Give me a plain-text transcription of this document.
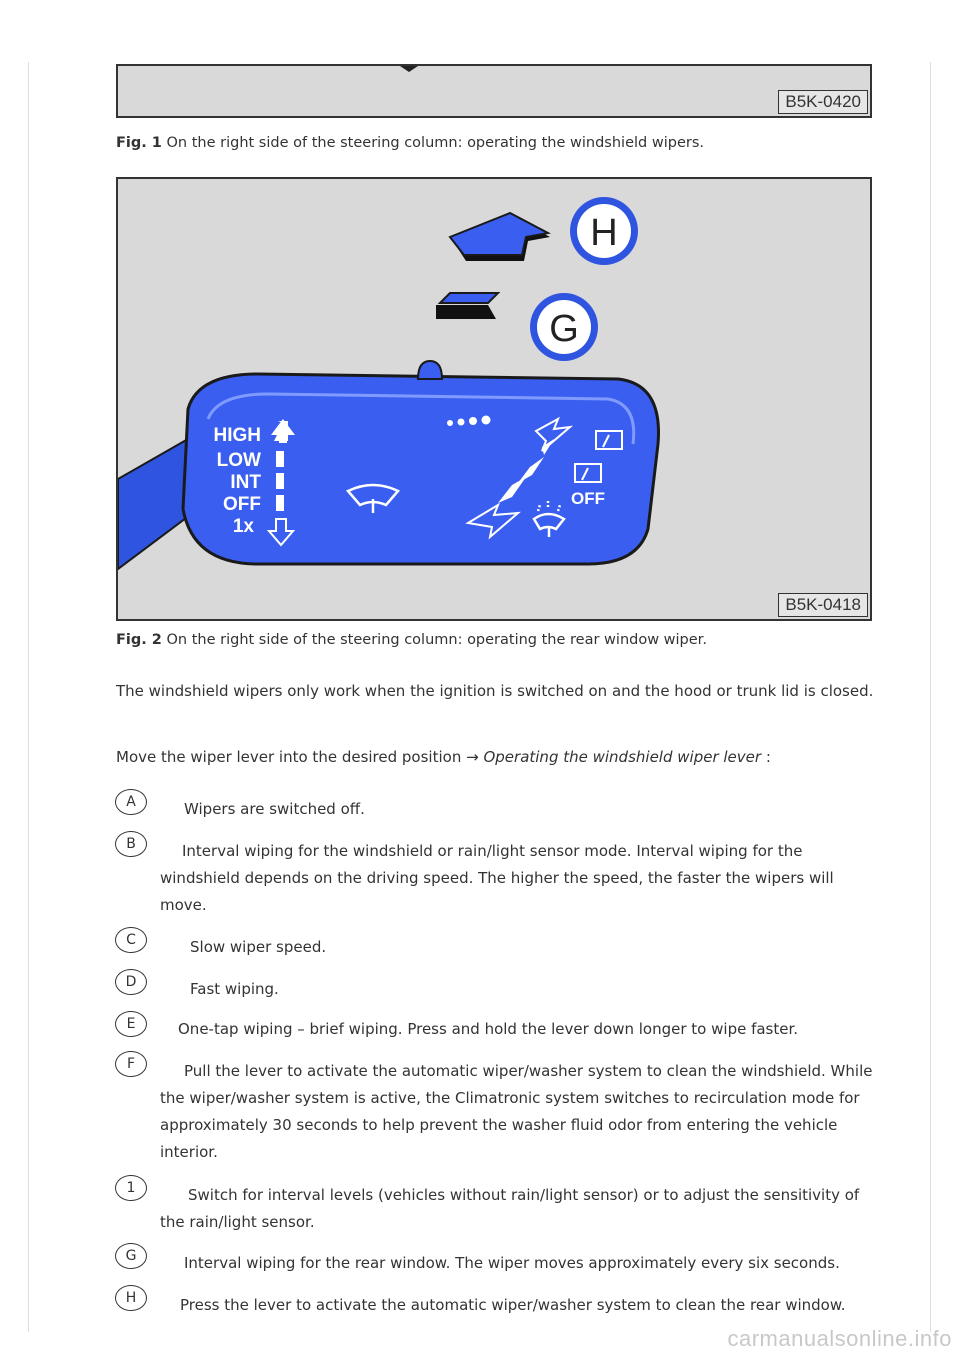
B5K-0420
Fig. 1 On the right side of the steering column: operating the windshield wipers.
HIGH
LOW
INT
OFF
1x
OFF
H
G
B5K-0418
Fig. 2 On the right side of the steering column: operating the rear window wiper.
The windshield wipers only work when the ignition is switched on and the hood or trunk lid is closed.
Move the wiper lever into the desired position → Operating the windshield wiper lever :
A	Wipers are switched off.
B	Interval wiping for the windshield or rain/light sensor mode. Interval wiping for the windshield depends on the driving speed. The higher the speed, the faster the wipers will move.
C	Slow wiper speed.
D	Fast wiping.
E	One-tap wiping – brief wiping. Press and hold the lever down longer to wipe faster.
F	Pull the lever to activate the automatic wiper/washer system to clean the windshield. While the wiper/washer system is active, the Climatronic system switches to recirculation mode for approximately 30 seconds to help prevent the washer fluid odor from entering the vehicle interior.
1	Switch for interval levels (vehicles without rain/light sensor) or to adjust the sensitivity of the rain/light sensor.
G	Interval wiping for the rear window. The wiper moves approximately every six seconds.
H	Press the lever to activate the automatic wiper/washer system to clean the rear window.
carmanualsonline.info
